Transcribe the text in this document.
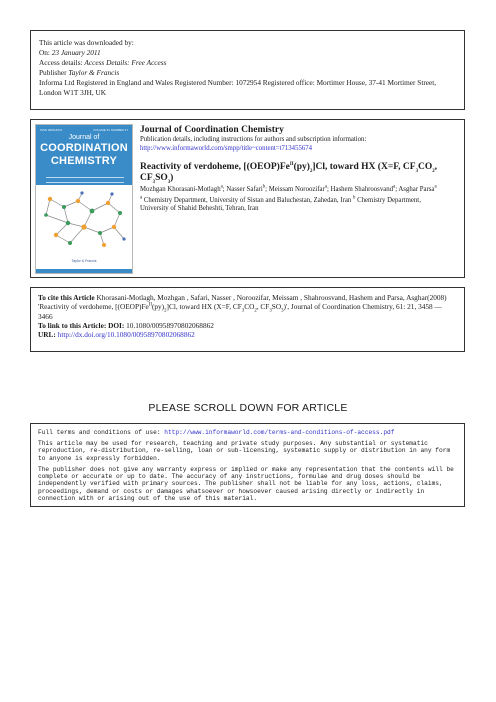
This article was downloaded by:
On: 23 January 2011
Access details: Access Details: Free Access
Publisher Taylor & Francis
Informa Ltd Registered in England and Wales Registered Number: 1072954 Registered office: Mortimer House, 37-41 Mortimer Street, London W1T 3JH, UK
ISSN 0095-8972	VOLUME 61 NUMBER 17
Journal of
COORDINATION
CHEMISTRY
Taylor & Francis
Journal of Coordination Chemistry
Publication details, including instructions for authors and subscription information:
http://www.informaworld.com/smpp/title~content=t713455674
Reactivity of verdoheme, $[(OEOP)Fe^{II}(py)_2]Cl$, toward HX (X=F, $CF_3CO_2$, $CF_3SO_3$)
Mozhgan Khorasani-Motlagh$^a$; Nasser Safari$^b$; Meissam Noroozifar$^a$; Hashem Shahroosvand$^a$; Asghar Parsa$^a$
$^a$ Chemistry Department, University of Sistan and Baluchestan, Zahedan, Iran $^b$ Chemistry Department, University of Shahid Beheshti, Tehran, Iran
To cite this Article Khorasani-Motlagh, Mozhgan , Safari, Nasser , Noroozifar, Meissam , Shahroosvand, Hashem and Parsa, Asghar(2008) 'Reactivity of verdoheme, $[(OEOP)Fe^{II}(py)_2]Cl$, toward HX (X=F, $CF_3CO_2$, $CF_3SO_3)'$, Journal of Coordination Chemistry, 61: 21, 3458 — 3466
To link to this Article: DOI: 10.1080/00958970802068862
URL: http://dx.doi.org/10.1080/00958970802068862
PLEASE SCROLL DOWN FOR ARTICLE

Full terms and conditions of use: http://www.informaworld.com/terms-and-conditions-of-access.pdf

This article may be used for research, teaching and private study purposes. Any substantial or systematic reproduction, re-distribution, re-selling, loan or sub-licensing, systematic supply or distribution in any form to anyone is expressly forbidden.

The publisher does not give any warranty express or implied or make any representation that the contents will be complete or accurate or up to date. The accuracy of any instructions, formulae and drug doses should be independently verified with primary sources. The publisher shall not be liable for any loss, actions, claims, proceedings, demand or costs or damages whatsoever or howsoever caused arising directly or indirectly in connection with or arising out of the use of this material.
